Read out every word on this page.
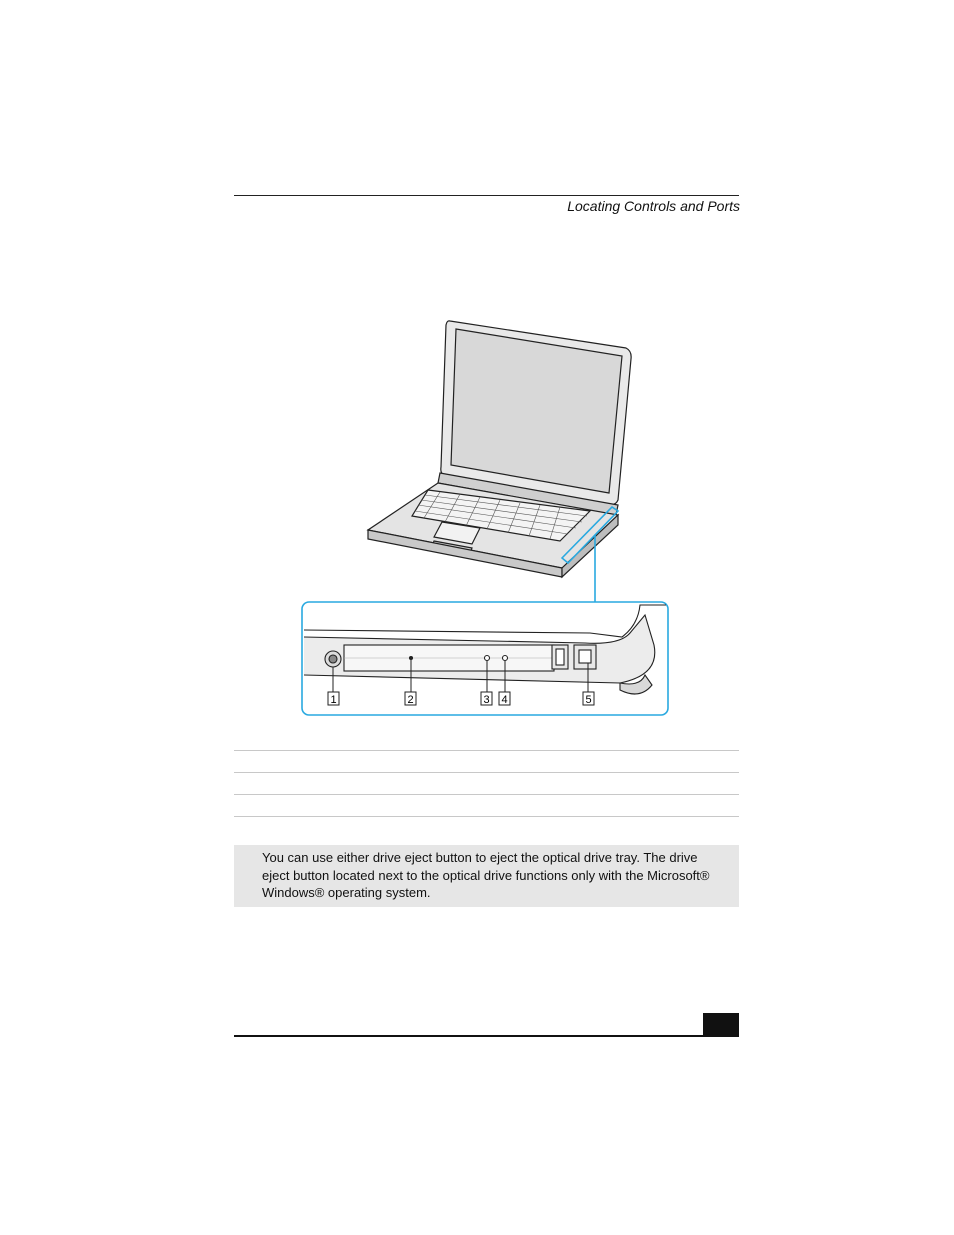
Locating Controls and Ports
1	2	3 4	5
You can use either drive eject button to eject the optical drive tray. The drive eject button located next to the optical drive functions only with the Microsoft® Windows® operating system.
